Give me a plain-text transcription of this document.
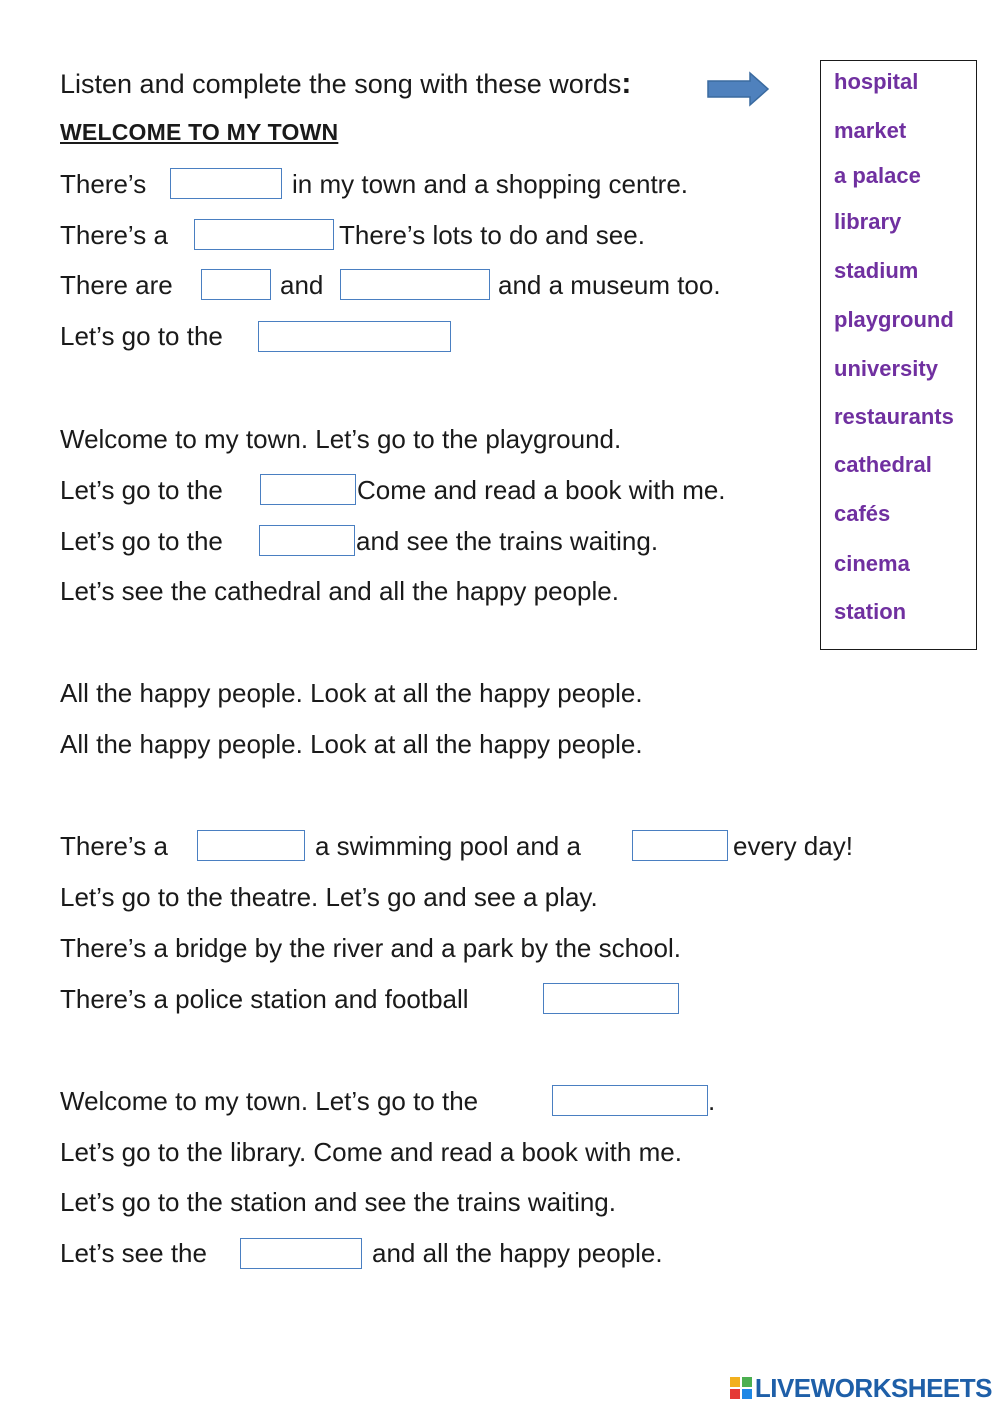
Listen and complete the song with these words:
WELCOME TO MY TOWN
There’s	in my town and a shopping centre.
There’s a	There’s lots to do and see.
There are	and	and a museum too.
Let’s go to the
Welcome to my town. Let’s go to the playground.
Let’s go to the	Come and read a book with me.
Let’s go to the	and see the trains waiting.
Let’s see the cathedral and all the happy people.
All the happy people. Look at all the happy people.
All the happy people. Look at all the happy people.
There’s a	a swimming pool and a	every day!
Let’s go to the theatre. Let’s go and see a play.
There’s a bridge by the river and a park by the school.
There’s a police station and football
Welcome to my town. Let’s go to the	.
Let’s go to the library. Come and read a book with me.
Let’s go to the station and see the trains waiting.
Let’s see the	and all the happy people.
hospital
market
a palace
library
stadium
playground
university
restaurants
cathedral
cafés
cinema
station
LIVEWORKSHEETS
